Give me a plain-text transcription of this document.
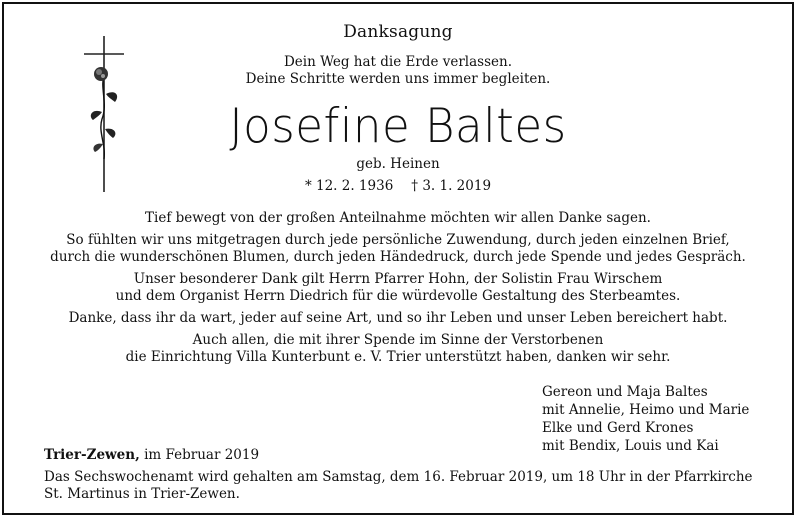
Danksagung
Dein Weg hat die Erde verlassen.
Deine Schritte werden uns immer begleiten.
Josefine Baltes
geb. Heinen
* 12. 2. 1936 † 3. 1. 2019
Tief bewegt von der großen Anteilnahme möchten wir allen Danke sagen.
So fühlten wir uns mitgetragen durch jede persönliche Zuwendung, durch jeden einzelnen Brief,
durch die wunderschönen Blumen, durch jeden Händedruck, durch jede Spende und jedes Gespräch.
Unser besonderer Dank gilt Herrn Pfarrer Hohn, der Solistin Frau Wirschem
und dem Organist Herrn Diedrich für die würdevolle Gestaltung des Sterbeamtes.
Danke, dass ihr da wart, jeder auf seine Art, und so ihr Leben und unser Leben bereichert habt.
Auch allen, die mit ihrer Spende im Sinne der Verstorbenen
die Einrichtung Villa Kunterbunt e. V. Trier unterstützt haben, danken wir sehr.
Gereon und Maja Baltes
mit Annelie, Heimo und Marie
Elke und Gerd Krones
mit Bendix, Louis und Kai
Trier-Zewen, im Februar 2019
Das Sechswochenamt wird gehalten am Samstag, dem 16. Februar 2019, um 18 Uhr in der Pfarrkirche
St. Martinus in Trier-Zewen.
